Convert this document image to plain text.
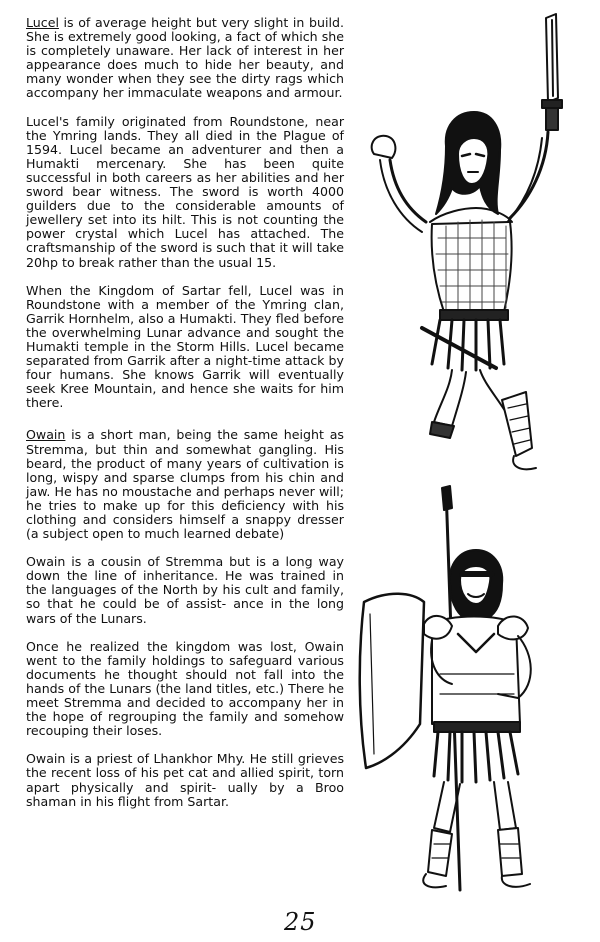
Lucel is of average height but very slight in build. She is extremely good looking, a fact of which she is completely unaware. Her lack of interest in her appearance does much to hide her beauty, and many wonder when they see the dirty rags which accompany her immaculate weapons and armour.

Lucel's family originated from Roundstone, near the Ymring lands. They all died in the Plague of 1594. Lucel became an adventurer and then a Humakti mercenary. She has been quite successful in both careers as her abilities and her sword bear witness. The sword is worth 4000 guilders due to the considerable amounts of jewellery set into its hilt. This is not counting the power crystal which Lucel has attached. The craftsmanship of the sword is such that it will take 20hp to break rather than the usual 15.

When the Kingdom of Sartar fell, Lucel was in Roundstone with a member of the Ymring clan, Garrik Hornhelm, also a Humakti. They fled before the overwhelming Lunar advance and sought the Humakti temple in the Storm Hills. Lucel became separated from Garrik after a night-time attack by four humans. She knows Garrik will eventually seek Kree Mountain, and hence she waits for him there.

Owain is a short man, being the same height as Stremma, but thin and somewhat gangling. His beard, the product of many years of cultivation is long, wispy and sparse clumps from his chin and jaw. He has no moustache and perhaps never will; he tries to make up for this deficiency with his clothing and considers himself a snappy dresser (a subject open to much learned debate)

Owain is a cousin of Stremma but is a long way down the line of inheritance. He was trained in the languages of the North by his cult and family, so that he could be of assist- ance in the long wars of the Lunars.

Once he realized the kingdom was lost, Owain went to the family holdings to safeguard various documents he thought should not fall into the hands of the Lunars (the land titles, etc.) There he meet Stremma and decided to accompany her in the hope of regrouping the family and somehow recouping their loses.

Owain is a priest of Lhankhor Mhy. He still grieves the recent loss of his pet cat and allied spirit, torn apart physically and spirit- ually by a Broo shaman in his flight from Sartar.

25
